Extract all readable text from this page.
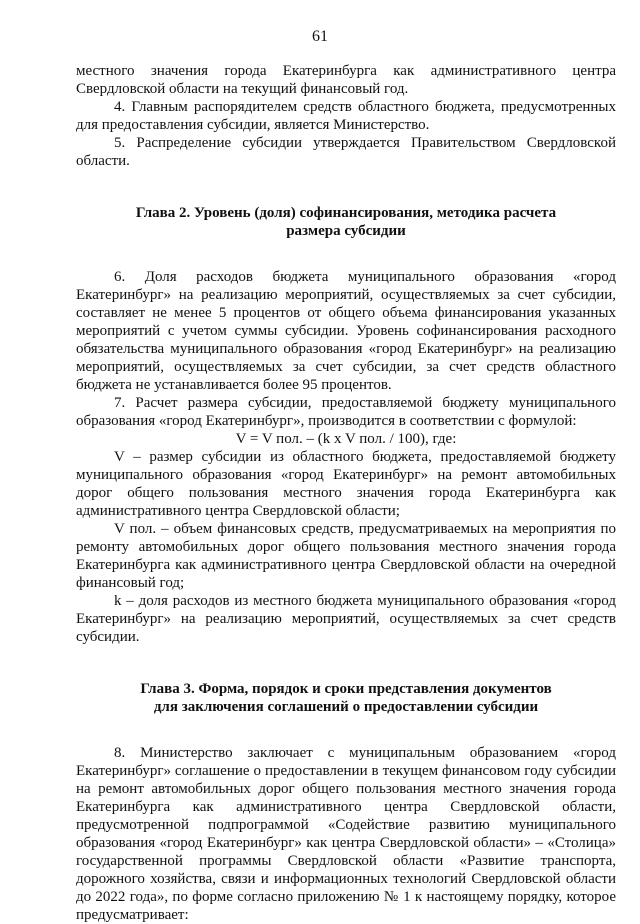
61

местного значения города Екатеринбурга как административного центра Свердловской области на текущий финансовый год.

4. Главным распорядителем средств областного бюджета, предусмотренных для предоставления субсидии, является Министерство.

5. Распределение субсидии утверждается Правительством Свердловской области.

Глава 2. Уровень (доля) софинансирования, методика расчета
размера субсидии

6. Доля расходов бюджета муниципального образования «город Екатеринбург» на реализацию мероприятий, осуществляемых за счет субсидии, составляет не менее 5 процентов от общего объема финансирования указанных мероприятий с учетом суммы субсидии. Уровень софинансирования расходного обязательства муниципального образования «город Екатеринбург» на реализацию мероприятий, осуществляемых за счет субсидии, за счет средств областного бюджета не устанавливается более 95 процентов.

7. Расчет размера субсидии, предоставляемой бюджету муниципального образования «город Екатеринбург», производится в соответствии с формулой:

V = V пол. – (k x V пол. / 100), где:

V – размер субсидии из областного бюджета, предоставляемой бюджету муниципального образования «город Екатеринбург» на ремонт автомобильных дорог общего пользования местного значения города Екатеринбурга как административного центра Свердловской области;

V пол. – объем финансовых средств, предусматриваемых на мероприятия по ремонту автомобильных дорог общего пользования местного значения города Екатеринбурга как административного центра Свердловской области на очередной финансовый год;

k – доля расходов из местного бюджета муниципального образования «город Екатеринбург» на реализацию мероприятий, осуществляемых за счет средств субсидии.

Глава 3. Форма, порядок и сроки представления документов
для заключения соглашений о предоставлении субсидии

8. Министерство заключает с муниципальным образованием «город Екатеринбург» соглашение о предоставлении в текущем финансовом году субсидии на ремонт автомобильных дорог общего пользования местного значения города Екатеринбурга как административного центра Свердловской области, предусмотренной подпрограммой «Содействие развитию муниципального образования «город Екатеринбург» как центра Свердловской области» – «Столица» государственной программы Свердловской области «Развитие транспорта, дорожного хозяйства, связи и информационных технологий Свердловской области до 2022 года», по форме согласно приложению № 1 к настоящему порядку, которое предусматривает:
